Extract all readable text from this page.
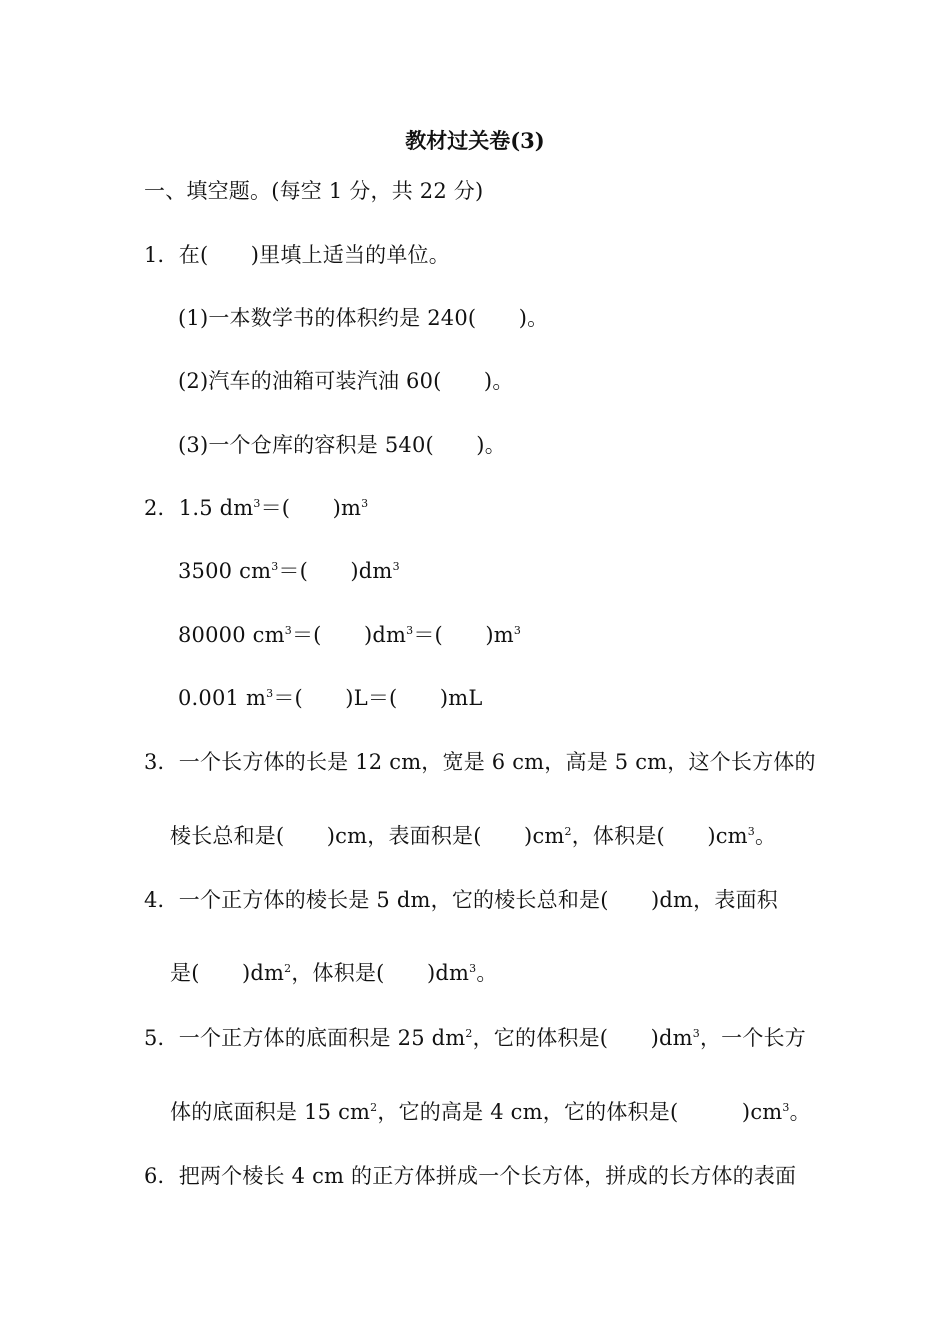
教材过关卷(3)
一、填空题。(每空 1 分，共 22 分)
1．在(　　)里填上适当的单位。
(1)一本数学书的体积约是 240(　　)。
(2)汽车的油箱可装汽油 60(　　)。
(3)一个仓库的容积是 540(　　)。
2．1.5 $dm^3=$(　　)$m^3$
3500 $cm^3=$(　　)$dm^3$
80000 $cm^3=$(　　)$dm^3=$(　　)$m^3$
0.001 $m^3=$(　　)L＝(　　)mL
3．一个长方体的长是 12 cm，宽是 6 cm，高是 5 cm，这个长方体的
棱长总和是(　　)cm，表面积是(　　)$cm^2$，体积是(　　)$cm^3$。
4．一个正方体的棱长是 5 dm，它的棱长总和是(　　)dm，表面积
是(　　)$dm^2$，体积是(　　)$dm^3$。
5．一个正方体的底面积是 25 $dm^2$，它的体积是(　　)$dm^3$，一个长方
体的底面积是 15 $cm^2$，它的高是 4 cm，它的体积是(　　　)$cm^3$。
6．把两个棱长 4 cm 的正方体拼成一个长方体，拼成的长方体的表面
